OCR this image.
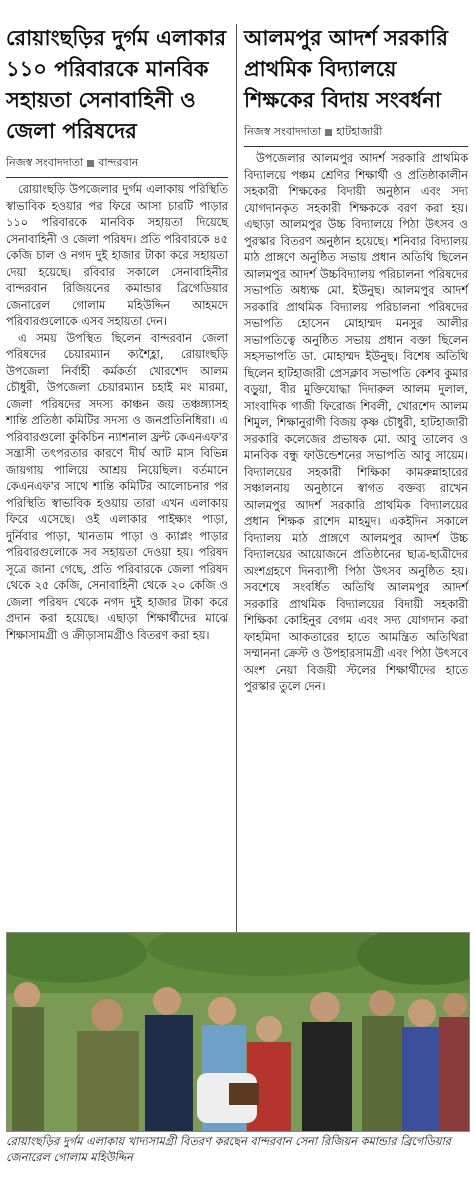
রোয়াংছড়ির দুর্গম এলাকার ১১০ পরিবারকে মানবিক সহায়তা সেনাবাহিনী ও জেলা পরিষদের
নিজস্ব সংবাদদাতা বান্দরবান

রোয়াংছড়ি উপজেলার দুর্গম এলাকায় পরিস্থিতি স্বাভাবিক হওয়ার পর ফিরে আসা চারটি পাড়ার ১১০ পরিবারকে মানবিক সহায়তা দিয়েছে সেনাবাহিনী ও জেলা পরিষদ। প্রতি পরিবারকে ৪৫ কেজি চাল ও নগদ দুই হাজার টাকা করে সহায়তা দেয়া হয়েছে। রবিবার সকালে সেনাবাহিনীর বান্দরবান রিজিয়নের কমান্ডার ব্রিগেডিয়ার জেনারেল গোলাম মহিউদ্দিন আহমদে পরিবারগুলোকে এসব সহায়তা দেন।

এ সময় উপস্থিত ছিলেন বান্দরবান জেলা পরিষদের চেয়ারম্যান ক্যশৈহ্লা, রোয়াংছড়ি উপজেলা নির্বাহী কর্মকর্তা খোরশেদ আলম চৌধুরী, উপজেলা চেয়ারম্যান চহাই মং মারমা, জেলা পরিষদের সদস্য কাঞ্চন জয় তঞ্চঙ্গ্যাসহ শান্তি প্রতিষ্ঠা কমিটির সদস্য ও জনপ্রতিনিধিরা। এ পরিবারগুলো কুকিচিন ন্যাশনাল ফ্রন্ট কেএনএফ'র সন্ত্রাসী তৎপরতার কারণে দীর্ঘ আট মাস বিভিন্ন জায়গায় পালিয়ে আশ্রয় নিয়েছিল। বর্তমানে কেএনএফ'র সাথে শান্তি কমিটির আলোচনার পর পরিস্থিতি স্বাভাবিক হওয়ায় তারা এখন এলাকায় ফিরে এসেছে। ওই এলাকার পাইক্ষ্যং পাড়া, দুর্নিবার পাড়া, খানতাম পাড়া ও ক্যাপ্লং পাড়ার পরিবারগুলোকে সব সহায়তা দেওয়া হয়। পরিষদ সূত্রে জানা গেছে, প্রতি পরিবারকে জেলা পরিষদ থেকে ২৫ কেজি, সেনাবাহিনী থেকে ২০ কেজি ও জেলা পরিষদ থেকে নগদ দুই হাজার টাকা করে প্রদান করা হয়েছে। এছাড়া শিক্ষার্থীদের মাঝে শিক্ষাসামগ্রী ও ক্রীড়াসামগ্রীও বিতরণ করা হয়।

আলমপুর আদর্শ সরকারি প্রাথমিক বিদ্যালয়ে শিক্ষকের বিদায় সংবর্ধনা
নিজস্ব সংবাদদাতা হাটহাজারী

উপজেলার আলমপুর আদর্শ সরকারি প্রাথমিক বিদ্যালয়ে পঞ্চম শ্রেণির শিক্ষার্থী ও প্রতিষ্ঠাকালীন সহকারী শিক্ষকের বিদায়ী অনুষ্ঠান এবং সদ্য যোগদানকৃত সহকারী শিক্ষককে বরণ করা হয়। এছাড়া আলমপুর উচ্চ বিদ্যালয়ে পিঠা উৎসব ও পুরস্কার বিতরণ অনুষ্ঠান হয়েছে। শনিবার বিদ্যালয় মাঠ প্রাঙ্গণে অনুষ্ঠিত সভায় প্রধান অতিথি ছিলেন আলমপুর আদর্শ উচ্চবিদ্যালয় পরিচালনা পরিষদের সভাপতি অধ্যক্ষ মো. ইউনুছ। আলমপুর আদর্শ সরকারি প্রাথমিক বিদ্যালয় পরিচালনা পরিষদের সভাপতি হোসেন মোহাম্মদ মনসুর আলীর সভাপতিত্বে অনুষ্ঠিত সভায় প্রধান বক্তা ছিলেন সহসভাপতি ডা. মোহাম্মদ ইউনুছ। বিশেষ অতিথি ছিলেন হাটহাজারী প্রেসক্লাব সভাপতি কেশব কুমার বড়ুয়া, বীর মুক্তিযোদ্ধা দিদারুল আলম দুলাল, সাংবাদিক গাজী ফিরোজ শিবলী, খোরশেদ আলম শিমুল, শিক্ষানুরাগী বিজয় কৃষ্ণ চৌধুরী, হাটহাজারী সরকারি কলেজের প্রভাষক মো. আবু তালেব ও মানবিক বন্ধু ফাউন্ডেশনের সভাপতি আবু সায়েম। বিদ্যালয়ের সহকারী শিক্ষিকা কামরুন্নাহারের সঞ্চালনায় অনুষ্ঠানে স্বাগত বক্তব্য রাখেন আলমপুর আদর্শ সরকারি প্রাথমিক বিদ্যালয়ের প্রধান শিক্ষক রাশেদ মাহমুদ। একইদিন সকালে বিদ্যালয় মাঠ প্রাঙ্গণে আলমপুর আদর্শ উচ্চ বিদ্যালয়ের আয়োজনে প্রতিষ্ঠানের ছাত্র-ছাত্রীদের অংশগ্রহণে দিনব্যাপী পিঠা উৎসব অনুষ্ঠিত হয়। সবশেষে সংবর্ধিত অতিথি আলমপুর আদর্শ সরকারি প্রাথমিক বিদ্যালয়ের বিদায়ী সহকারী শিক্ষিকা কোহিনুর বেগম এবং সদ্য যোগদান করা ফাহমিদা আকতারের হাতে আমন্ত্রিত অতিথিরা সম্মাননা ক্রেস্ট ও উপহারসামগ্রী এবং পিঠা উৎসবে অংশ নেয়া বিজয়ী স্টলের শিক্ষার্থীদের হাতে পুরস্কার তুলে দেন।

রোয়াংছড়ির দুর্গম এলাকায় খাদ্যসামগ্রী বিতরণ করছেন বান্দরবান সেনা রিজিয়ন কমান্ডার ব্রিগেডিয়ার জেনারেল গোলাম মহিউদ্দিন
